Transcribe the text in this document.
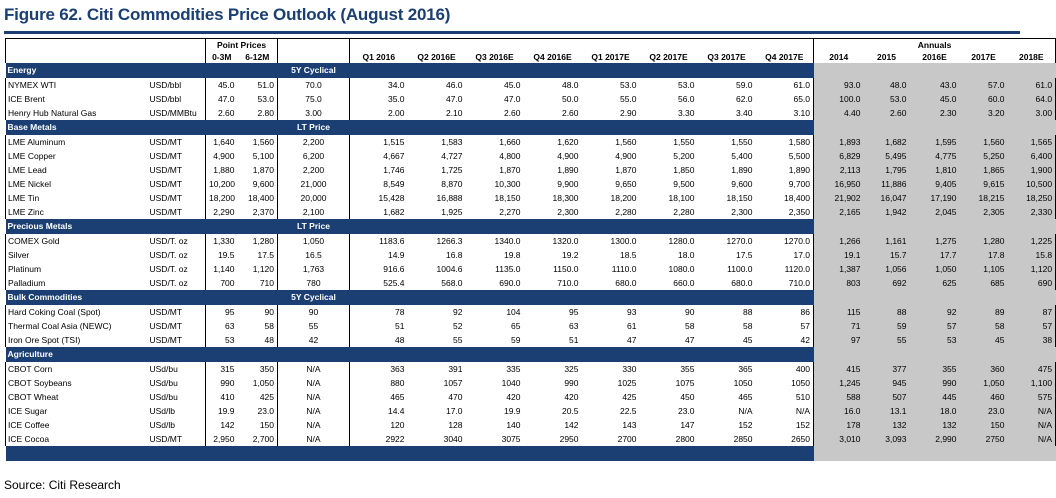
Figure 62. Citi Commodities Price Outlook (August 2016)
		Point Prices											Annuals				
		0-3M	6-12M		Q1 2016	Q2 2016E	Q3 2016E	Q4 2016E	Q1 2017E	Q2 2017E	Q3 2017E	Q4 2017E	2014	2015	2016E	2017E	2018E
Energy				5Y Cyclical													
NYMEX WTI	USD/bbl	45.0	51.0	70.0	34.0	46.0	45.0	48.0	53.0	53.0	59.0	61.0	93.0	48.0	43.0	57.0	61.0
ICE Brent	USD/bbl	47.0	53.0	75.0	35.0	47.0	47.0	50.0	55.0	56.0	62.0	65.0	100.0	53.0	45.0	60.0	64.0
Henry Hub Natural Gas	USD/MMBtu	2.60	2.80	3.00	2.00	2.10	2.60	2.60	2.90	3.30	3.40	3.10	4.40	2.60	2.30	3.20	3.00
Base Metals				LT Price													
LME Aluminum	USD/MT	1,640	1,560	2,200	1,515	1,583	1,660	1,620	1,560	1,550	1,550	1,580	1,893	1,682	1,595	1,560	1,565
LME Copper	USD/MT	4,900	5,100	6,200	4,667	4,727	4,800	4,900	4,900	5,200	5,400	5,500	6,829	5,495	4,775	5,250	6,400
LME Lead	USD/MT	1,880	1,870	2,200	1,746	1,725	1,870	1,890	1,870	1,850	1,890	1,890	2,113	1,795	1,810	1,865	1,900
LME Nickel	USD/MT	10,200	9,600	21,000	8,549	8,870	10,300	9,900	9,650	9,500	9,600	9,700	16,950	11,886	9,405	9,615	10,500
LME Tin	USD/MT	18,200	18,400	20,000	15,428	16,888	18,150	18,300	18,200	18,100	18,150	18,400	21,902	16,047	17,190	18,215	18,250
LME Zinc	USD/MT	2,290	2,370	2,100	1,682	1,925	2,270	2,300	2,280	2,280	2,300	2,350	2,165	1,942	2,045	2,305	2,330
Precious Metals				LT Price													
COMEX Gold	USD/T. oz	1,330	1,280	1,050	1183.6	1266.3	1340.0	1320.0	1300.0	1280.0	1270.0	1270.0	1,266	1,161	1,275	1,280	1,225
Silver	USD/T. oz	19.5	17.5	16.5	14.9	16.8	19.8	19.2	18.5	18.0	17.5	17.0	19.1	15.7	17.7	17.8	15.8
Platinum	USD/T. oz	1,140	1,120	1,763	916.6	1004.6	1135.0	1150.0	1110.0	1080.0	1100.0	1120.0	1,387	1,056	1,050	1,105	1,120
Palladium	USD/T. oz	700	710	780	525.4	568.0	690.0	710.0	680.0	660.0	680.0	710.0	803	692	625	685	690
Bulk Commodities				5Y Cyclical													
Hard Coking Coal (Spot)	USD/MT	95	90	90	78	92	104	95	93	90	88	86	115	88	92	89	87
Thermal Coal Asia (NEWC)	USD/MT	63	58	55	51	52	65	63	61	58	58	57	71	59	57	58	57
Iron Ore Spot (TSI)	USD/MT	53	48	42	48	55	59	51	47	47	45	42	97	55	53	45	38
Agriculture																	
CBOT Corn	USd/bu	315	350	N/A	363	391	335	325	330	355	365	400	415	377	355	360	475
CBOT Soybeans	USd/bu	990	1,050	N/A	880	1057	1040	990	1025	1075	1050	1050	1,245	945	990	1,050	1,100
CBOT Wheat	USd/bu	410	425	N/A	465	470	420	420	425	450	465	510	588	507	445	460	575
ICE Sugar	USd/lb	19.9	23.0	N/A	14.4	17.0	19.9	20.5	22.5	23.0	N/A	N/A	16.0	13.1	18.0	23.0	N/A
ICE Coffee	USd/lb	142	150	N/A	120	128	140	142	143	147	152	152	178	132	132	150	N/A
ICE Cocoa	USD/MT	2,950	2,700	N/A	2922	3040	3075	2950	2700	2800	2850	2650	3,010	3,093	2,990	2750	N/A

Source: Citi Research
